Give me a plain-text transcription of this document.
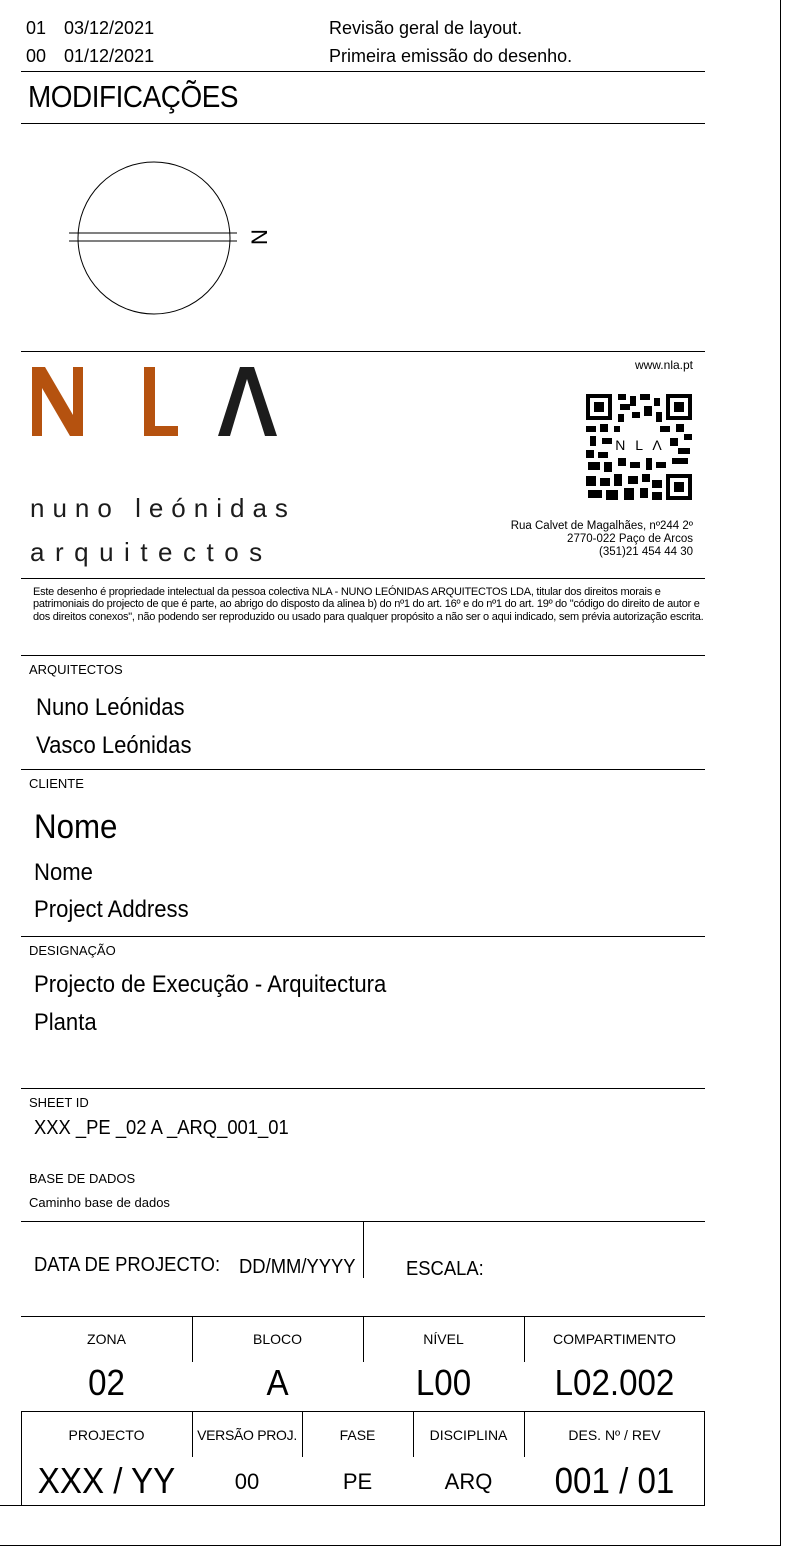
01 03/12/2021	Revisão geral de layout.
00 01/12/2021	Primeira emissão do desenho.
MODIFICAÇÕES
N
nuno leónidas
arquitectos
www.nla.pt
N L Λ
Rua Calvet de Magalhães, nº244 2º
2770-022 Paço de Arcos
(351)21 454 44 30
Este desenho é propriedade intelectual da pessoa colectiva NLA - NUNO LEÓNIDAS ARQUITECTOS LDA, titular dos direitos morais e patrimoniais do projecto de que é parte, ao abrigo do disposto da alinea b) do nº1 do art. 16º e do nº1 do art. 19º do "código do direito de autor e dos direitos conexos", não podendo ser reproduzido ou usado para qualquer propósito a não ser o aqui indicado, sem prévia autorização escrita.
ARQUITECTOS
Nuno Leónidas
Vasco Leónidas
CLIENTE
Nome
Nome
Project Address
DESIGNAÇÃO
Projecto de Execução - Arquitectura
Planta
SHEET ID
XXX _PE _02 A _ARQ_001_01
BASE DE DADOS
Caminho base de dados
DATA DE PROJECTO: DD/MM/YYYY	ESCALA:
ZONA	BLOCO	NÍVEL	COMPARTIMENTO
02	A	L00	L02.002
PROJECTO	VERSÃO PROJ.	FASE	DISCIPLINA	DES. Nº / REV
XXX / YY	00	PE	ARQ	001 / 01
